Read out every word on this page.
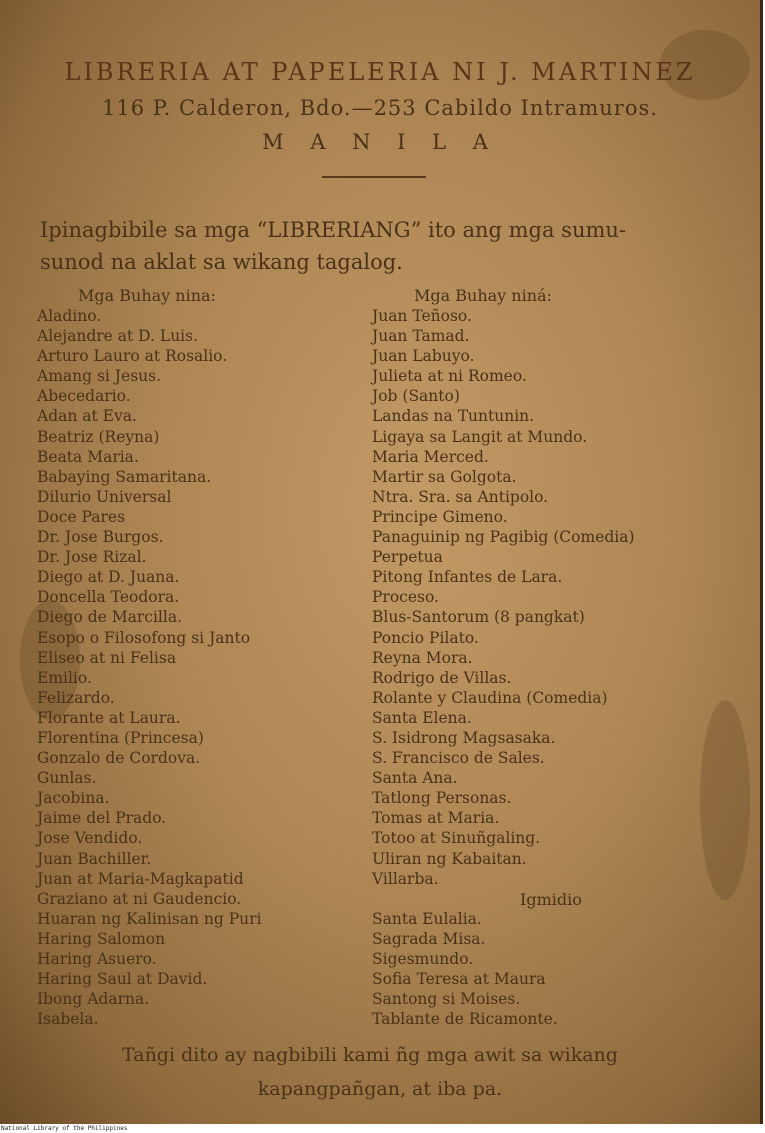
LIBRERIA AT PAPELERIA NI J. MARTINEZ
116 P. Calderon, Bdo.—253 Cabildo Intramuros.
M A N I L A
Ipinagbibile sa mga “LIBRERIANG” ito ang mga sumu-
sunod na aklat sa wikang tagalog.
Mga Buhay nina:	Mga Buhay niná:
Aladino.
Alejandre at D. Luis.
Arturo Lauro at Rosalio.
Amang si Jesus.
Abecedario.
Adan at Eva.
Beatriz (Reyna)
Beata Maria.
Babaying Samaritana.
Dilurio Universal
Doce Pares
Dr. Jose Burgos.
Dr. Jose Rizal.
Diego at D. Juana.
Doncella Teodora.
Diego de Marcilla.
Esopo o Filosofong si Janto
Eliseo at ni Felisa
Emilio.
Felizardo.
Florante at Laura.
Florentina (Princesa)
Gonzalo de Cordova.
Gunlas.
Jacobina.
Jaime del Prado.
Jose Vendido.
Juan Bachiller.
Juan at Maria-Magkapatid
Graziano at ni Gaudencio.
Huaran ng Kalinisan ng Puri
Haring Salomon
Haring Asuero.
Haring Saul at David.
Ibong Adarna.
Isabela.
Juan Teñoso.
Juan Tamad.
Juan Labuyo.
Julieta at ni Romeo.
Job (Santo)
Landas na Tuntunin.
Ligaya sa Langit at Mundo.
Maria Merced.
Martir sa Golgota.
Ntra. Sra. sa Antipolo.
Principe Gimeno.
Panaguinip ng Pagibig (Comedia)
Perpetua
Pitong Infantes de Lara.
Proceso.
Blus-Santorum (8 pangkat)
Poncio Pilato.
Reyna Mora.
Rodrigo de Villas.
Rolante y Claudina (Comedia)
Santa Elena.
S. Isidrong Magsasaka.
S. Francisco de Sales.
Santa Ana.
Tatlong Personas.
Tomas at Maria.
Totoo at Sinuñgaling.
Uliran ng Kabaitan.
Villarba.
Santa Eulalia.
Sagrada Misa.
Sigesmundo.
Sofia Teresa at Maura
Santong si Moises.
Tablante de Ricamonte.
Igmidio
Tañgi dito ay nagbibili kami ñg mga awit sa wikang
kapangpañgan, at iba pa.
National Library of the Philippines
